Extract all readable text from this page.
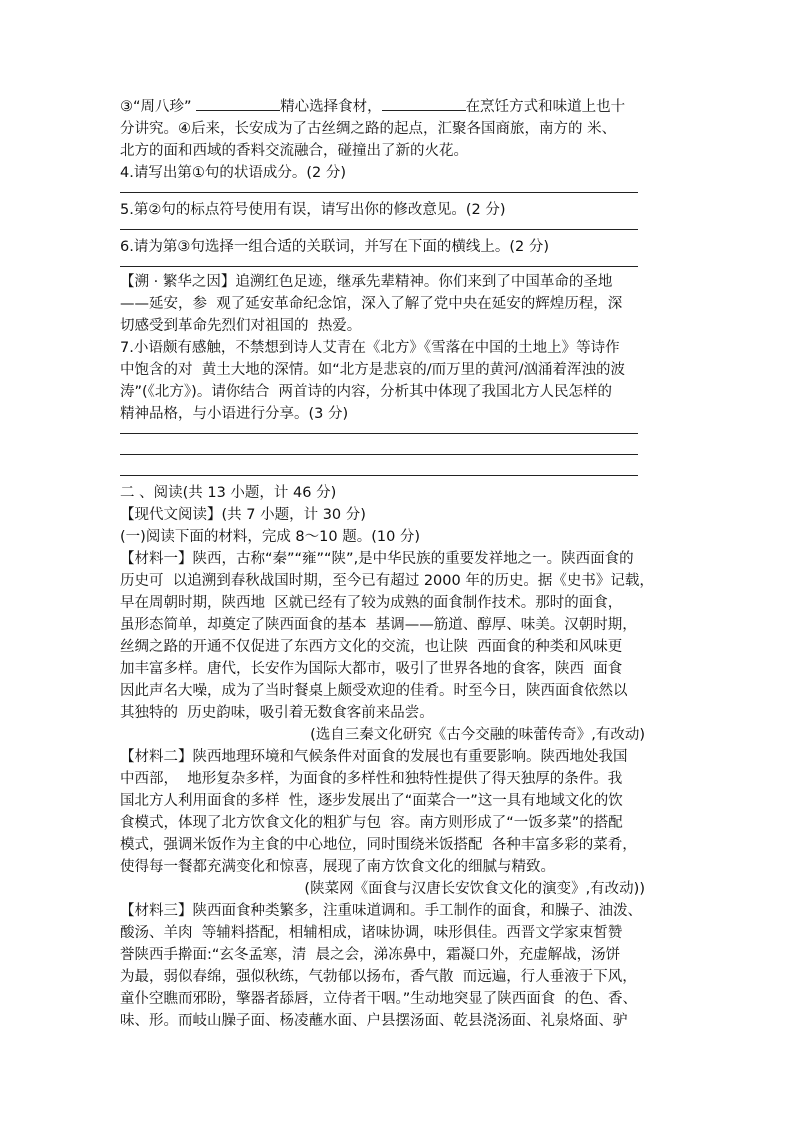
③“周八珍”	精心选择食材，	在烹饪方式和味道上也十

分讲究。④后来，长安成为了古丝绸之路的起点，汇聚各国商旅，南方的 米、

北方的面和西域的香料交流融合，碰撞出了新的火花。

4.请写出第①句的状语成分。(2 分)

5.第②句的标点符号使用有误，请写出你的修改意见。(2 分)

6.请为第③句选择一组合适的关联词，并写在下面的横线上。(2 分)

【溯 · 繁华之因】追溯红色足迹，继承先辈精神。你们来到了中国革命的圣地

——延安，参  观了延安革命纪念馆，深入了解了党中央在延安的辉煌历程，深

切感受到革命先烈们对祖国的  热爱。

7.小语颇有感触，不禁想到诗人艾青在《北方》《雪落在中国的土地上》等诗作

中饱含的对  黄土大地的深情。如“北方是悲哀的/而万里的黄河/汹涌着浑浊的波

涛”(《北方》)。请你结合  两首诗的内容，分析其中体现了我国北方人民怎样的

精神品格，与小语进行分享。(3 分)

二 、阅读(共 13 小题，计 46 分)

【现代文阅读】(共 7 小题，计 30 分)

(一)阅读下面的材料，完成 8～10 题。(10 分)

【材料一】陕西，古称“秦”“雍”“陕”,是中华民族的重要发祥地之一。陕西面食的

历史可  以追溯到春秋战国时期，至今已有超过 2000 年的历史。据《史书》记载，

早在周朝时期，陕西地  区就已经有了较为成熟的面食制作技术。那时的面食，

虽形态简单，却奠定了陕西面食的基本  基调——筋道、醇厚、味美。汉朝时期，

丝绸之路的开通不仅促进了东西方文化的交流，也让陕  西面食的种类和风味更

加丰富多样。唐代，长安作为国际大都市，吸引了世界各地的食客，陕西  面食

因此声名大噪，成为了当时餐桌上颇受欢迎的佳肴。时至今日，陕西面食依然以

其独特的  历史韵味，吸引着无数食客前来品尝。

(选自三秦文化研究《古今交融的味蕾传奇》,有改动)

【材料二】陕西地理环境和气候条件对面食的发展也有重要影响。陕西地处我国

中西部，  地形复杂多样，为面食的多样性和独特性提供了得天独厚的条件。我

国北方人利用面食的多样  性，逐步发展出了“面菜合一”这一具有地域文化的饮

食模式，体现了北方饮食文化的粗犷与包  容。南方则形成了“一饭多菜”的搭配

模式，强调米饭作为主食的中心地位，同时围绕米饭搭配  各种丰富多彩的菜肴，

使得每一餐都充满变化和惊喜，展现了南方饮食文化的细腻与精致。

(陕菜网《面食与汉唐长安饮食文化的演变》,有改动))

【材料三】陕西面食种类繁多，注重味道调和。手工制作的面食，和臊子、油泼、

酸汤、羊肉  等辅料搭配，相辅相成，诸味协调，味形俱佳。西晋文学家束皙赞

誉陕西手擀面:“玄冬孟寒，清  晨之会，涕冻鼻中，霜凝口外，充虚解战，汤饼

为最，弱似春绵，强似秋练，气勃郁以扬布，香气散  而远遍，行人垂液于下风，

童仆空瞧而邪盼，擎器者舔唇，立侍者干咽。”生动地突显了陕西面食  的色、香、

味、形。而岐山臊子面、杨凌蘸水面、户县摆汤面、乾县浇汤面、礼泉烙面、驴
